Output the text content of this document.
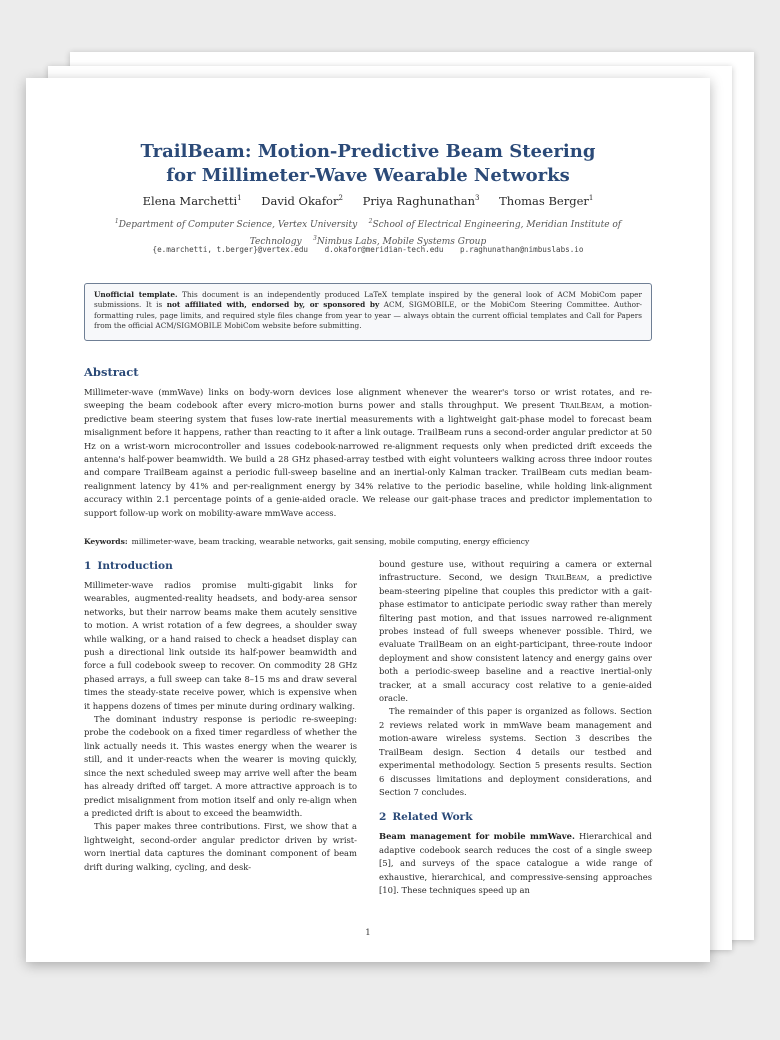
TrailBeam: Motion-Predictive Beam Steering
for Millimeter-Wave Wearable Networks
Elena Marchetti$^1$ David Okafor$^2$ Priya Raghunathan$^3$ Thomas Berger$^1$
$^1$Department of Computer Science, Vertex University $^2$School of Electrical Engineering, Meridian Institute of Technology $^3$Nimbus Labs, Mobile Systems Group
{e.marchetti, t.berger}@vertex.edu d.okafor@meridian-tech.edu p.raghunathan@nimbuslabs.io
Unofficial template. This document is an independently produced LaTeX template inspired by the general look of ACM MobiCom paper submissions. It is not affiliated with, endorsed by, or sponsored by ACM, SIGMOBILE, or the MobiCom Steering Committee. Author-formatting rules, page limits, and required style files change from year to year — always obtain the current official templates and Call for Papers from the official ACM/SIGMOBILE MobiCom website before submitting.
Abstract
Millimeter-wave (mmWave) links on body-worn devices lose alignment whenever the wearer's torso or wrist rotates, and re-sweeping the beam codebook after every micro-motion burns power and stalls throughput. We present TrailBeam, a motion-predictive beam steering system that fuses low-rate inertial measurements with a lightweight gait-phase model to forecast beam misalignment before it happens, rather than reacting to it after a link outage. TrailBeam runs a second-order angular predictor at 50 Hz on a wrist-worn microcontroller and issues codebook-narrowed re-alignment requests only when predicted drift exceeds the antenna's half-power beamwidth. We build a 28 GHz phased-array testbed with eight volunteers walking across three indoor routes and compare TrailBeam against a periodic full-sweep baseline and an inertial-only Kalman tracker. TrailBeam cuts median beam-realignment latency by 41% and per-realignment energy by 34% relative to the periodic baseline, while holding link-alignment accuracy within 2.1 percentage points of a genie-aided oracle. We release our gait-phase traces and predictor implementation to support follow-up work on mobility-aware mmWave access.
Keywords: millimeter-wave, beam tracking, wearable networks, gait sensing, mobile computing, energy efficiency
1 Introduction

Millimeter-wave radios promise multi-gigabit links for wearables, augmented-reality headsets, and body-area sensor networks, but their narrow beams make them acutely sensitive to motion. A wrist rotation of a few degrees, a shoulder sway while walking, or a hand raised to check a headset display can push a directional link outside its half-power beamwidth and force a full codebook sweep to recover. On commodity 28 GHz phased arrays, a full sweep can take 8–15 ms and draw several times the steady-state receive power, which is expensive when it happens dozens of times per minute during ordinary walking.

The dominant industry response is periodic re-sweeping: probe the codebook on a fixed timer regardless of whether the link actually needs it. This wastes energy when the wearer is still, and it under-reacts when the wearer is moving quickly, since the next scheduled sweep may arrive well after the beam has already drifted off target. A more attractive approach is to predict misalignment from motion itself and only re-align when a predicted drift is about to exceed the beamwidth.

This paper makes three contributions. First, we show that a lightweight, second-order angular predictor driven by wrist-worn inertial data captures the dominant component of beam drift during walking, cycling, and desk-

bound gesture use, without requiring a camera or external infrastructure. Second, we design TrailBeam, a predictive beam-steering pipeline that couples this predictor with a gait-phase estimator to anticipate periodic sway rather than merely filtering past motion, and that issues narrowed re-alignment probes instead of full sweeps whenever possible. Third, we evaluate TrailBeam on an eight-participant, three-route indoor deployment and show consistent latency and energy gains over both a periodic-sweep baseline and a reactive inertial-only tracker, at a small accuracy cost relative to a genie-aided oracle.

The remainder of this paper is organized as follows. Section 2 reviews related work in mmWave beam management and motion-aware wireless systems. Section 3 describes the TrailBeam design. Section 4 details our testbed and experimental methodology. Section 5 presents results. Section 6 discusses limitations and deployment considerations, and Section 7 concludes.

2 Related Work

Beam management for mobile mmWave. Hierarchical and adaptive codebook search reduces the cost of a single sweep [5], and surveys of the space catalogue a wide range of exhaustive, hierarchical, and compressive-sensing approaches [10]. These techniques speed up an

1
